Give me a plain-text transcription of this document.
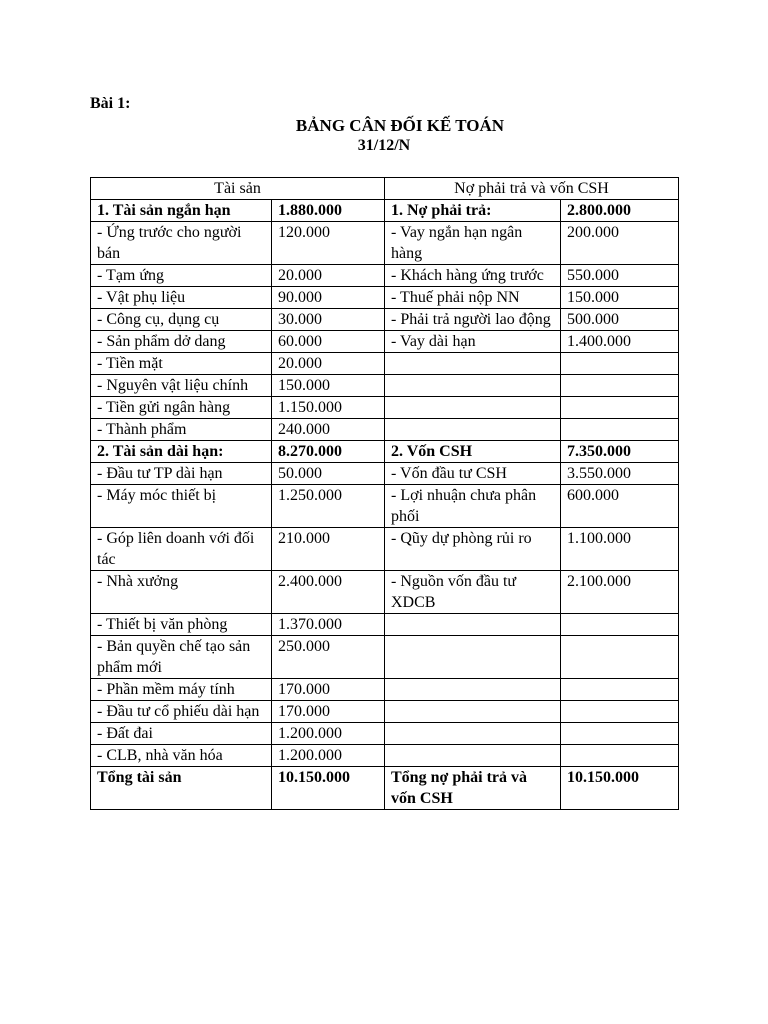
Bài 1:
BẢNG CÂN ĐỐI KẾ TOÁN
31/12/N
Tài sản		Nợ phải trả và vốn CSH	
1. Tài sản ngắn hạn	1.880.000	1. Nợ phải trả:	2.800.000
- Ứng trước cho người bán	120.000	- Vay ngắn hạn ngân hàng	200.000
- Tạm ứng	20.000	- Khách hàng ứng trước	550.000
- Vật phụ liệu	90.000	- Thuế phải nộp NN	150.000
- Công cụ, dụng cụ	30.000	- Phải trả người lao động	500.000
- Sản phẩm dở dang	60.000	- Vay dài hạn	1.400.000
- Tiền mặt	20.000		
- Nguyên vật liệu chính	150.000		
- Tiền gửi ngân hàng	1.150.000		
- Thành phẩm	240.000		
2. Tài sản dài hạn:	8.270.000	2. Vốn CSH	7.350.000
- Đầu tư TP dài hạn	50.000	- Vốn đầu tư CSH	3.550.000
- Máy móc thiết bị	1.250.000	- Lợi nhuận chưa phân phối	600.000
- Góp liên doanh với đối tác	210.000	- Qũy dự phòng rủi ro	1.100.000
- Nhà xưởng	2.400.000	- Nguồn vốn đầu tư XDCB	2.100.000
- Thiết bị văn phòng	1.370.000		
- Bản quyền chế tạo sản phẩm mới	250.000		
- Phần mềm máy tính	170.000		
- Đầu tư cổ phiếu dài hạn	170.000		
- Đất đai	1.200.000		
- CLB, nhà văn hóa	1.200.000		
Tổng tài sản	10.150.000	Tổng nợ phải trả và vốn CSH	10.150.000
